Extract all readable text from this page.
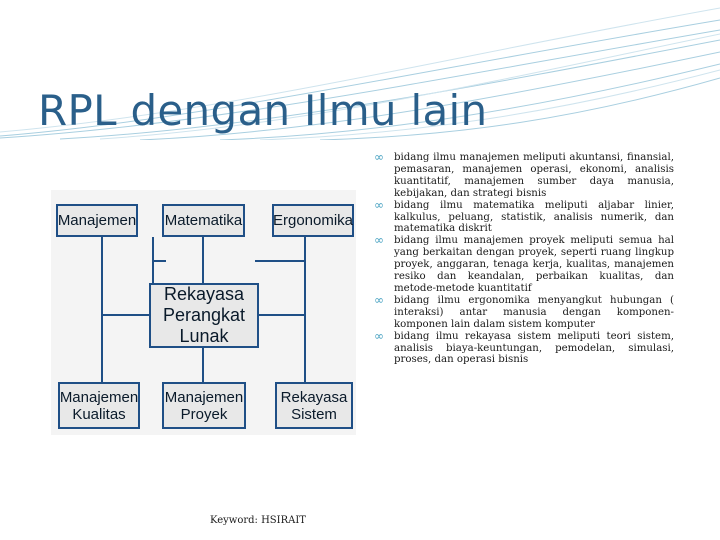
RPL dengan Ilmu lain
Manajemen Matematika Ergonomika
Rekayasa
Perangkat Lunak
Manajemen
Kualitas
Manajemen
Proyek
Rekayasa
Sistem
∞ bidang ilmu manajemen meliputi akuntansi, finansial, pemasaran, manajemen operasi, ekonomi, analisis kuantitatif, manajemen sumber daya manusia, kebijakan, dan strategi bisnis
∞ bidang ilmu matematika meliputi aljabar linier, kalkulus, peluang, statistik, analisis numerik, dan matematika diskrit
∞ bidang ilmu manajemen proyek meliputi semua hal yang berkaitan dengan proyek, seperti ruang lingkup proyek, anggaran, tenaga kerja, kualitas, manajemen resiko dan keandalan, perbaikan kualitas, dan metode-metode kuantitatif
∞ bidang ilmu ergonomika menyangkut hubungan ( interaksi) antar manusia dengan komponen-komponen lain dalam sistem komputer
∞ bidang ilmu rekayasa sistem meliputi teori sistem, analisis biaya-keuntungan, pemodelan, simulasi, proses, dan operasi bisnis
Keyword: HSIRAIT
